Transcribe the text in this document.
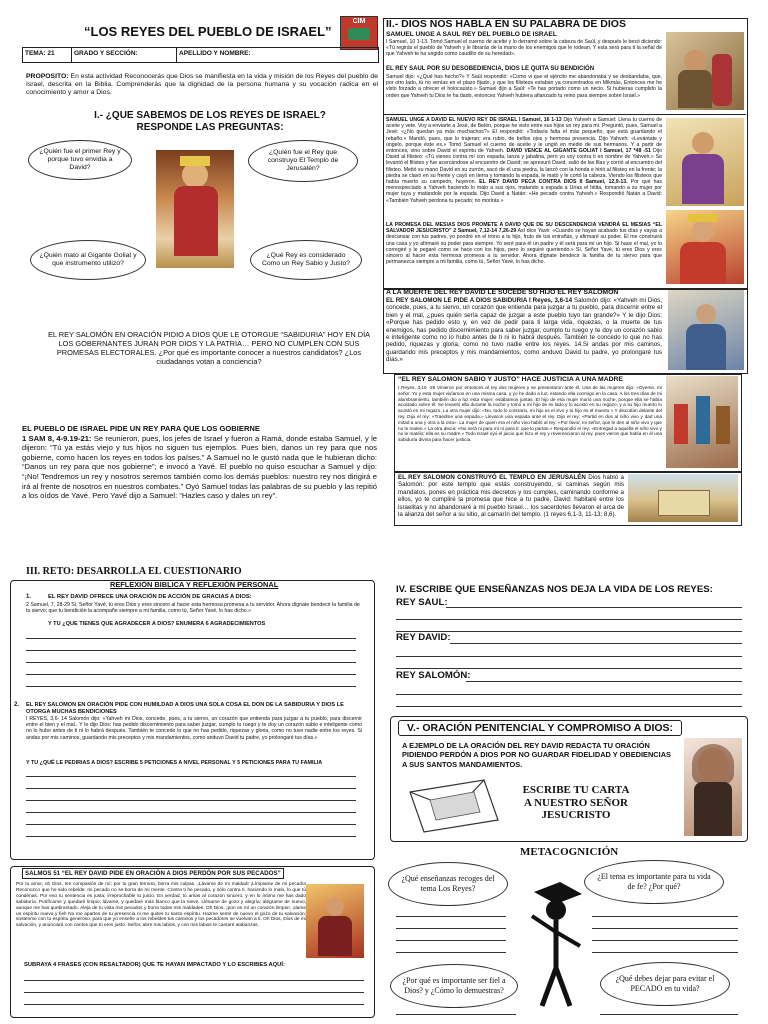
“LOS REYES DEL PUEBLO DE ISRAEL”
CIM
TEMA: 21	GRADO Y SECCIÓN:	APELLIDO Y NOMBRE:
PROPOSITO: En esta actividad Reconocerás que Dios se manifiesta en la vida y misión de los Reyes del pueblo de Israel, descrita en la Biblia. Comprenderás que la dignidad de la persona humana y su vocación radica en el conocimiento y amor a Dios.
I.- ¿QUE SABEMOS DE LOS REYES DE ISRAEL? RESPONDE LAS PREGUNTAS:
¿Quién fue el primer Rey y porque tuvo envidia a David?
¿Quién fue el Rey que construyo El Templo de Jerusalén?
¿Quién mato al Gigante Goliat y que instrumento utilizo?
¿Qué Rey es considerado Como un Rey Sabio y Justo?
EL REY SALOMÓN EN ORACIÓN PIDIO A DIOS QUE LE OTORGUE “SABIDURIA” HOY EN DÍA LOS GOBERNANTES JURAN POR DIOS Y LA PATRIA… PERO NO CUMPLEN CON SUS PROMESAS ELECTORALES. ¿Por qué es importante conocer a nuestros candidatos? ¿Los ciudadanos votan a conciencia?
EL PUEBLO DE ISRAEL PIDE UN REY PARA QUE LOS GOBIERNE
1 SAM 8, 4-9.19-21: Se reunieron, pues, los jefes de Israel y fueron a Ramá, donde estaba Samuel, y le dijeron: “Tú ya estás viejo y tus hijos no siguen tus ejemplos. Pues bien, danos un rey para que nos gobierne, como hacen los reyes en todos los países.” A Samuel no le gustó nada que le hubieran dicho: “Danos un rey para que nos gobierne”; e invocó a Yavé. El pueblo no quiso escuchar a Samuel y dijo: “¡No! Tendremos un rey y nosotros seremos también como los demás pueblos: nuestro rey nos dirigirá e irá al frente de nosotros en nuestros combates.” Oyó Samuel todas las palabras de su pueblo y las repitió a los oídos de Yavé. Pero Yavé dijo a Samuel: “Hazles caso y dales un rey”.
II.- DIOS NOS HABLA EN SU PALABRA DE DIOS
SAMUEL UNGE A SAUL REY DEL PUEBLO DE ISRAEL
I Samuel, 10 1-13. Tomó Samuel el cuerno de aceite y lo derramó sobre la cabeza de Saúl, y después le besó diciendo: «Tú regirás el pueblo de Yahveh y le librarás de la mano de los enemigos que le rodean. Y esta será para ti la señal de que Yahveh te ha ungido como caudillo de su heredad».
EL REY SAUL POR SU DESOBEDIENCIA, DIOS LE QUITA SU BENDICIÓN
Samuel dijo: «¿Qué has hecho?» Y Saúl respondió: «Como vi que el ejército me abandonaba y se desbandaba, que, por otro lado, tú no venías en el plazo fijado, y que los filisteos estaban ya concentrados en Mikmás, Entonces me he visto forzado a ofrecer el holocausto.» Samuel dijo a Saúl: «Te has portado como un necio. Si hubieras cumplido la orden que Yahveh tu Dios te ha dado, entonces Yahveh hubiera afianzado tu reino para siempre sobre Israel.»
SAMUEL UNGE A DAVID EL NUEVO REY DE ISRAEL I Samuel, 16 1-13 Dijo Yahveh a Samuel: Llena tu cuerno de aceite y vete. Voy a enviarte a Jesé, de Belén, porque he visto entre sus hijos un rey para mí. Preguntó, pues, Samuel a Jesé: «¿No quedan ya más muchachos?» El respondió: «Todavía falta el más pequeño, que está guardando el rebaño.» Mandó, pues, que lo trajeran; era rubio, de bellos ojos y hermosa presencia. Dijo Yahveh: «Levántate y úngelo, porque éste es.» Tomó Samuel el cuerno de aceite y le ungió en medio de sus hermanos. Y a partir de entonces, vino sobre David el espíritu de Yahveh. DAVID VENCE AL GIGANTE GOLIAT I Samuel, 17 *48 -51 Dijo David al filisteo: «Tú vienes contra mí con espada, lanza y jabalina, pero yo voy contra ti en nombre de Yahveh.» Se levantó el filisteo y fue acercándose al encuentro de David; se apresuró David, salió de las filas y corrió al encuentro del filisteo. Metió su mano David en su zurrón, sacó de él una piedra, la lanzó con la honda e hirió al filisteo en la frente; la piedra se clavó en su frente y cayó en tierra y tomando la espada, le mató y le cortó la cabeza. Viendo los filisteos que había muerto su campeón, huyeron. EL REY DAVID PECA CONTRA DIOS II Samuel, 12,9-13. Por qué has menospreciado a Yahveh haciendo lo malo a sus ojos, matando a espada a Urías el hitita, tomando a su mujer por mujer tuya y matándole por la espada. Dijo David a Natán: «He pecado contra Yahveh.» Respondió Natán a David: «También Yahveh perdona tu pecado; no morirás.»
LA PROMESA DEL MESIAS DIOS PROMETE A DAVID QUE DE SU DESCENDENCIA VENDRÁ EL MESIAS “EL SALVADOR JESUCRISTO” 2 Samuel, 7,12-14 7,26-29 Así dice Yavé: «Cuando se hayan acabado tus días y vayas a descansar con tus padres, yo pondré en el trono a tu hijo, fruto de tus entrañas, y afirmaré su poder. Él me construirá una casa y yo afirmaré su poder para siempre. Yo seré para él un padre y él será para mí un hijo. Si hace el mal, yo lo corregiré y le pegaré como se hace con los hijos, pero lo seguiré queriendo.» Sí, Señor Yavé, tú eres Dios y eres sincero al hacer esta hermosa promesa a tu servidor. Ahora dígnate bendecir la familia de tu siervo para que permanezca siempre a mi familia, como tú, Señor Yavé, lo has dicho.
A LA MUERTE DEL REY DAVID LE SUCEDE SU HIJO EL REY SALOMÓN
EL REY SALOMON LE PIDE A DIOS SABIDURIA I Reyes, 3,6-14 Salomón dijo: «Yahveh mi Dios, concede, pues, a tu siervo, un corazón que entienda para juzgar a tu pueblo, para discernir entre el bien y el mal, ¿pues quién sería capaz de juzgar a este pueblo tuyo tan grande?» Y le dijo Dios: «Porque has pedido esto y, en vez de pedir para ti larga vida, riquezas, o la muerte de tus enemigos, has pedido discernimiento para saber juzgar, cumplo tu ruego y te doy un corazón sabio e inteligente como no lo hubo antes de ti ni lo habrá después. También te concedo lo que no has pedido, riquezas y gloria, como no tuvo nadie entre los reyes. 14.Si andas por mis caminos, guardando mis preceptos y mis mandamientos, como anduvo David tu padre, yo prolongaré tus días.»
“EL REY SALOMON SABIO Y JUSTO” HACE JUSTICIA A UNA MADRE
I Reyes, 3,16 -28 Vinieron por entonces al rey dos mujeres y se presentaron ante él. Una de las mujeres dijo: «Óyeme, mi señor. Yo y esta mujer vivíamos en una misma casa, y yo he dado a luz, estando ella conmigo en la casa. A los tres días de mi alumbramiento, también dio a luz esta mujer; estábamos juntas. El hijo de esa mujer murió una noche, porque ella se había acostado sobre él. Se levantó ella durante la noche y tomó a mi hijo de mi lado y lo acostó en su regazo, y a su hijo muerto lo acostó en mi regazo. La otra mujer dijo: «No, todo lo contrario, mi hijo es el vivo y tu hijo es el muerto.» Y discutían delante del rey. Dijo el rey: «Traedme una espada.» Llevaron una espada ante el rey. Dijo el rey: «Partid en dos al niño vivo y dad una mitad a una y otra a la otra». La mujer de quien era el niño vivo habló al rey: «Por favor, mi señor, que le den al niño vivo y que no le maten.» La otra decía: «No será ni para mí ni para ti: que lo partan.» Respondió el rey: «Entregad a aquélla el niño vivo y no le matéis; ella es su madre.» Todo Israel oyó el juicio que hizo el rey y reverenciaron al rey, pues vieron que había en él una sabiduría divina para hacer justicia.
EL REY SALOMON CONSTRUYÓ EL TEMPLO EN JERUSALÉN Dios habló a Salomón: por este templo que estás construyendo, si caminas según mis mandatos, pones en práctica mis decretos y los cumples, caminando conforme a ellos, yo te cumpliré la promesa que hice a tu padre, David: habitaré entre los israelitas y no abandonaré a mi pueblo Israel… los sacerdotes llevaron el arca de la alianza del señor a su sitio, al camarín del templo. (1 reyes 6,1-3, 11-13; 8,6).
III. RETO: DESARROLLA EL CUESTIONARIO
REFLEXIÓN BIBLICA Y REFLEXIÓN PERSONAL
1.	EL REY DAVID OFRECE UNA ORACIÓN DE ACCIÓN DE GRACIAS A DIOS:
2 Samuel, 7, 28-29 Sí, Señor Yavé, tú eres Dios y eres sincero al hacer esta hermosa promesa a tu servidor. Ahora dígnate bendecir la familia de tu siervo; que tu bendición la acompañe siempre a mi familia, como tú, Señor Yavé, lo has dicho.»
Y TU ¿QUE TIENES QUE AGRADECER A DIOS? ENUMERA 6 AGRADECIMIENTOS
2. EL REY SALOMON EN ORACIÓN PIDE CON HUMILDAD A DIOS UNA SOLA COSA EL DON DE LA SABIDURIA Y DIOS LE OTORGA MUCHAS BENDICIONES
I REYES, 3,6- 14 Salomón dijo: «Yahveh mi Dios, concede, pues, a tu siervo, un corazón que entienda para juzgar a tu pueblo, para discernir entre el bien y el mal.. Y le dijo Dios: has pedido discernimiento para saber juzgar, cumplo tu ruego y te doy un corazón sabio e inteligente como no lo hubo antes de ti ni lo habrá después. También te concedo lo que no has pedido, riquezas y gloria, como no tuvo nadie entre los reyes. Si andas por mis caminos, guardando mis preceptos y mis mandamientos, como anduvo David tu padre, yo prolongaré tus días.»
Y TU ¿QUÉ LE PEDIRIAS A DIOS? ESCRIBE 5 PETICIONES A NIVEL PERSONAL Y 5 PETICIONES PARA TU FAMILIA
SALMOS 51 “EL REY DAVID PIDE EN ORACIÓN A DIOS PERDÓN POR SUS PECADOS”
Por tu amor, oh Dios, ten compasión de mí; por tu gran ternura, borra mis culpas. ¡Lávame de mi maldad! ¡Límpiame de mi pecado! Reconozco que he sido rebelde; mi pecado no se borra de mi mente. Contra ti he pecado, y sólo contra ti, haciendo lo malo, lo que tú condenas. Por eso tu sentencia es justa; irreprochable tu juicio. En verdad, tú amas al corazón sincero, y en lo íntimo me has dado sabiduría. Purifícame y quedaré limpio; lávame, y quedaré más blanco que la nieve. Lléname de gozo y alegría; alégrame de nuevo, aunque me has quebrantado. Aleja de tu vista mis pecados y borra todas mis maldades. Oh Dios, ¡pon en mí un corazón limpio!, ¡dame un espíritu nuevo y fiel! No me apartes de tu presencia ni me quites tu santo espíritu. Hazme sentir de nuevo el gozo de tu salvación; sostenme con tu espíritu generoso, para que yo enseñe a los rebeldes tus caminos y los pecadores se vuelvan a ti. Oh Dios, Dios de mi salvación, y anunciará con cantos que tú eres justo. Señor, abre mis labios, y con mis labios te cantaré alabanzas.
SUBRAYA 4 FRASES (CON RESALTADOR) QUE TE HAYAN IMPACTADO Y LO ESCRIBES AQUÍ:
IV. ESCRIBE QUE ENSEÑANZAS NOS DEJA LA VIDA DE LOS REYES:
REY SAUL:
REY DAVID:
REY SALOMÓN:
V.- ORACIÓN PENITENCIAL Y COMPROMISO A DIOS:
A EJEMPLO DE LA ORACIÓN DEL REY DAVID REDACTA TU ORACIÓN PIDIENDO PERDÓN A DIOS POR NO GUARDAR FIDELIDAD Y OBEDIENCIAS A SUS SANTOS MANDAMIENTOS.
ESCRIBE TU CARTA A NUESTRO SEÑOR JESUCRISTO
METACOGNICIÓN
¿Qué enseñanzas recoges del tema Los Reyes?
¿El tema es importante para tu vida de fe? ¿Por qué?
¿Por qué es importante ser fiel a Dios? y ¿Cómo lo demuestras?
¿Qué debes dejar para evitar el PECADO en tu vida?
